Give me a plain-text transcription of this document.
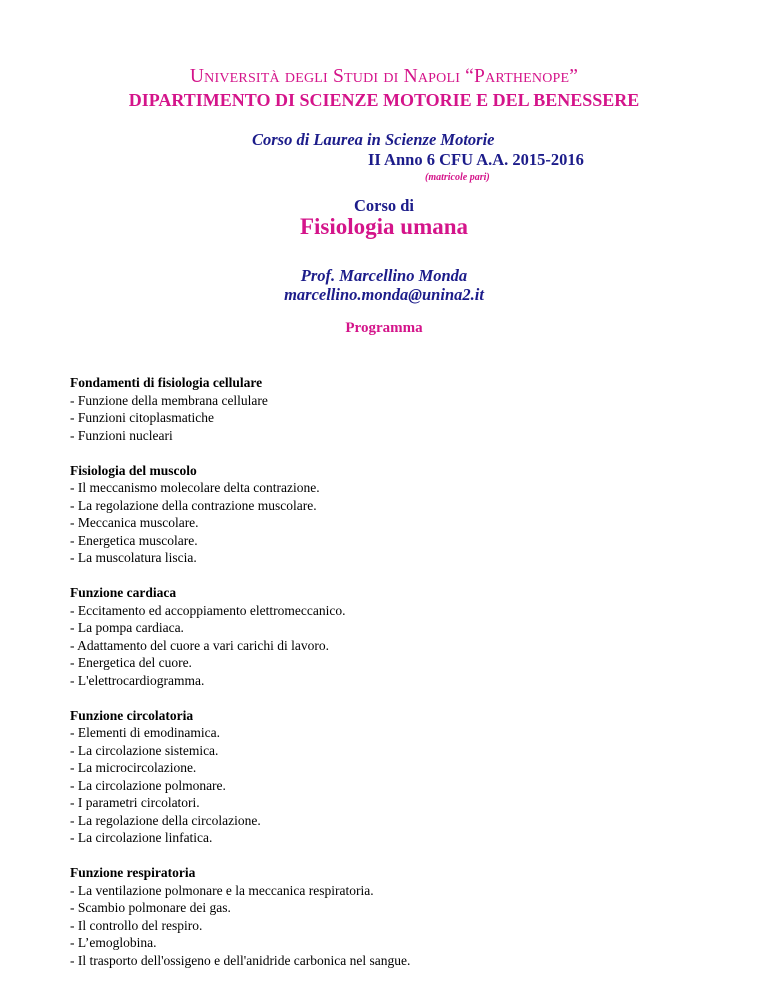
Università degli Studi di Napoli “Parthenope”
DIPARTIMENTO DI SCIENZE MOTORIE E DEL BENESSERE
Corso di Laurea in Scienze Motorie
II Anno 6 CFU A.A. 2015-2016
(matricole pari)
Corso di
Fisiologia umana
Prof. Marcellino Monda
marcellino.monda@unina2.it
Programma
Fondamenti di fisiologia cellulare
- Funzione della membrana cellulare
- Funzioni citoplasmatiche
- Funzioni nucleari
Fisiologia del muscolo
- Il meccanismo molecolare delta contrazione.
- La regolazione della contrazione muscolare.
- Meccanica muscolare.
- Energetica muscolare.
- La muscolatura liscia.
Funzione cardiaca
- Eccitamento ed accoppiamento elettromeccanico.
- La pompa cardiaca.
- Adattamento del cuore a vari carichi di lavoro.
- Energetica del cuore.
- L'elettrocardiogramma.
Funzione circolatoria
- Elementi di emodinamica.
- La circolazione sistemica.
- La microcircolazione.
- La circolazione polmonare.
- I parametri circolatori.
- La regolazione della circolazione.
- La circolazione linfatica.
Funzione respiratoria
- La ventilazione polmonare e la meccanica respiratoria.
- Scambio polmonare dei gas.
- Il controllo del respiro.
- L’emoglobina.
- Il trasporto dell'ossigeno e dell'anidride carbonica nel sangue.
